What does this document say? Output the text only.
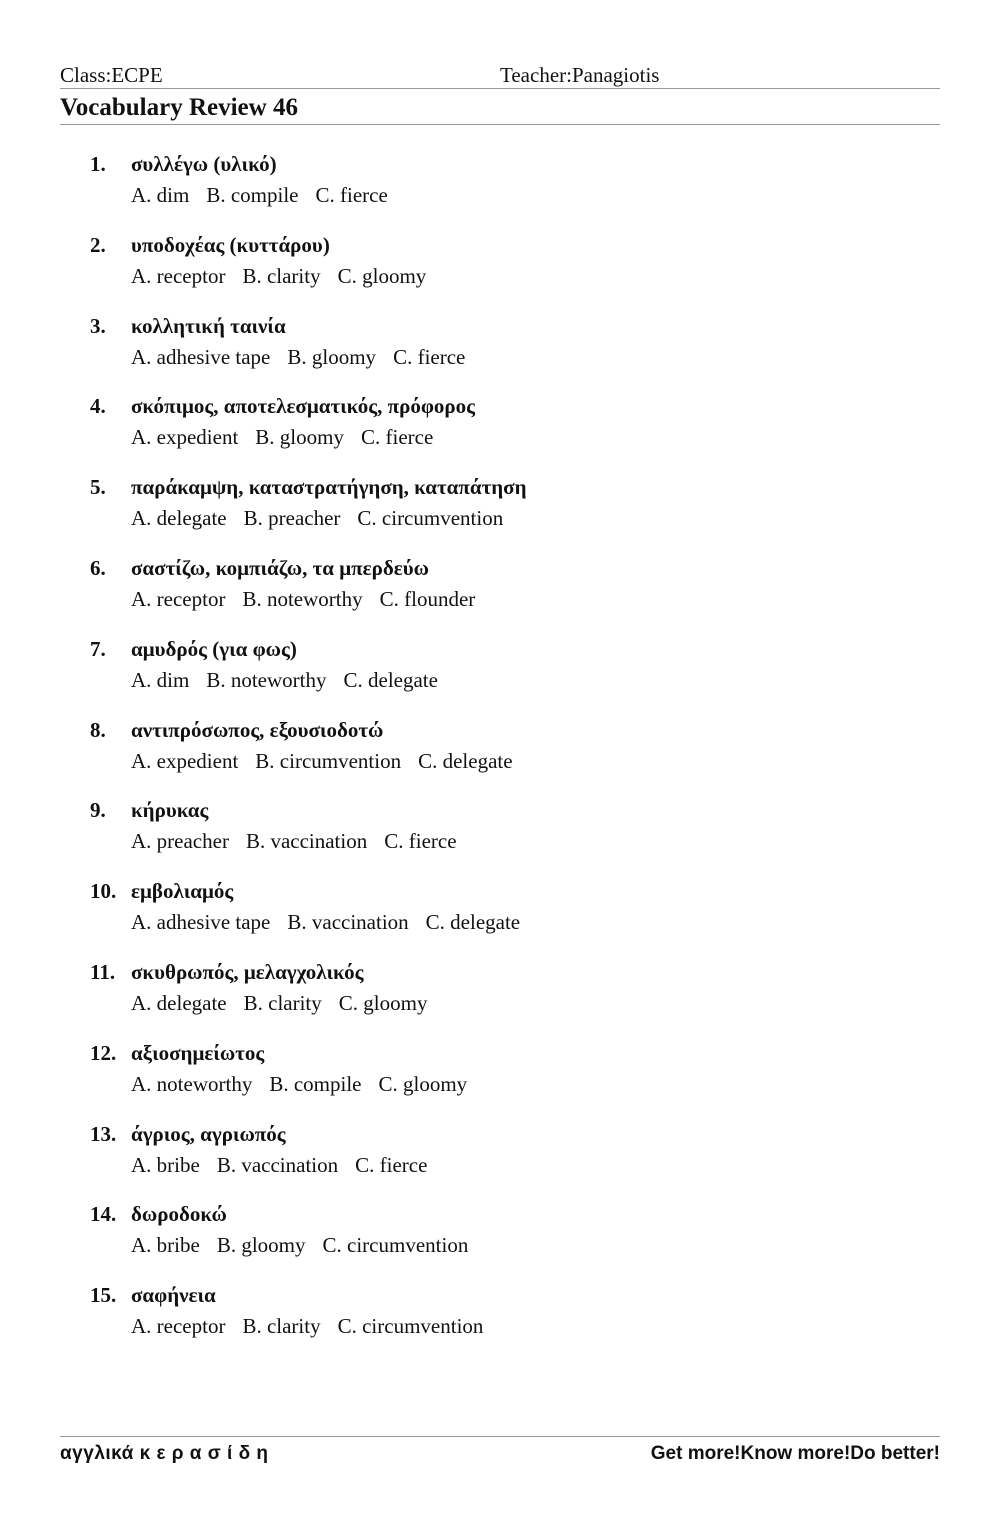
Class:ECPE	Teacher:Panagiotis
Vocabulary Review 46
1. συλλέγω (υλικό)
A. dim B. compile C. fierce
2. υποδοχέας (κυττάρου)
A. receptor B. clarity C. gloomy
3. κολλητική ταινία
A. adhesive tape B. gloomy C. fierce
4. σκόπιμος, αποτελεσματικός, πρόφορος
A. expedient B. gloomy C. fierce
5. παράκαμψη, καταστρατήγηση, καταπάτηση
A. delegate B. preacher C. circumvention
6. σαστίζω, κομπιάζω, τα μπερδεύω
A. receptor B. noteworthy C. flounder
7. αμυδρός (για φως)
A. dim B. noteworthy C. delegate
8. αντιπρόσωπος, εξουσιοδοτώ
A. expedient B. circumvention C. delegate
9. κήρυκας
A. preacher B. vaccination C. fierce
10. εμβολιαμός
A. adhesive tape B. vaccination C. delegate
11. σκυθρωπός, μελαγχολικός
A. delegate B. clarity C. gloomy
12. αξιοσημείωτος
A. noteworthy B. compile C. gloomy
13. άγριος, αγριωπός
A. bribe B. vaccination C. fierce
14. δωροδοκώ
A. bribe B. gloomy C. circumvention
15. σαφήνεια
A. receptor B. clarity C. circumvention
αγγλικά κ ε ρ α σ ί δ η	Get more!Know more!Do better!
